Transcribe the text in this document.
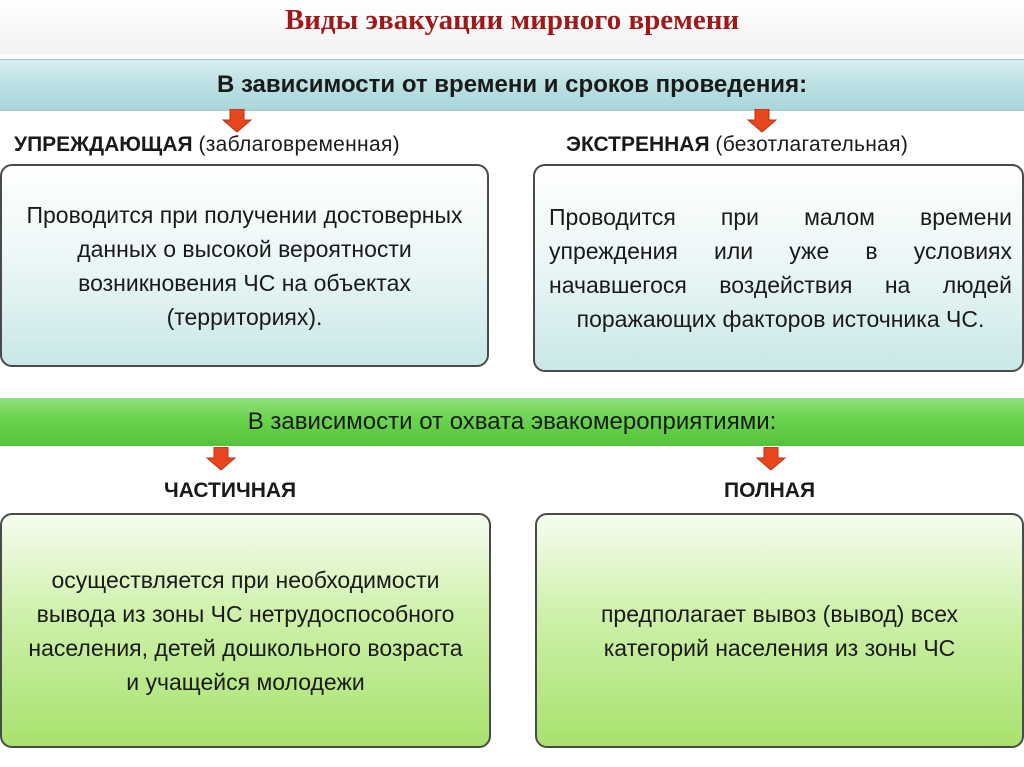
Виды эвакуации мирного времени
В зависимости от времени и сроков проведения:
УПРЕЖДАЮЩАЯ (заблаговременная)	ЭКСТРЕННАЯ (безотлагательная)
Проводится при получении достоверных данных о высокой вероятности возникновения ЧС на объектах (территориях).
Проводится при малом времени упреждения или уже в условиях начавшегося воздействия на людей поражающих факторов источника ЧС.
В зависимости от охвата эвакомероприятиями:
ЧАСТИЧНАЯ	ПОЛНАЯ
осуществляется при необходимости вывода из зоны ЧС нетрудоспособного населения, детей дошкольного возраста и учащейся молодежи
предполагает вывоз (вывод) всех категорий населения из зоны ЧС
